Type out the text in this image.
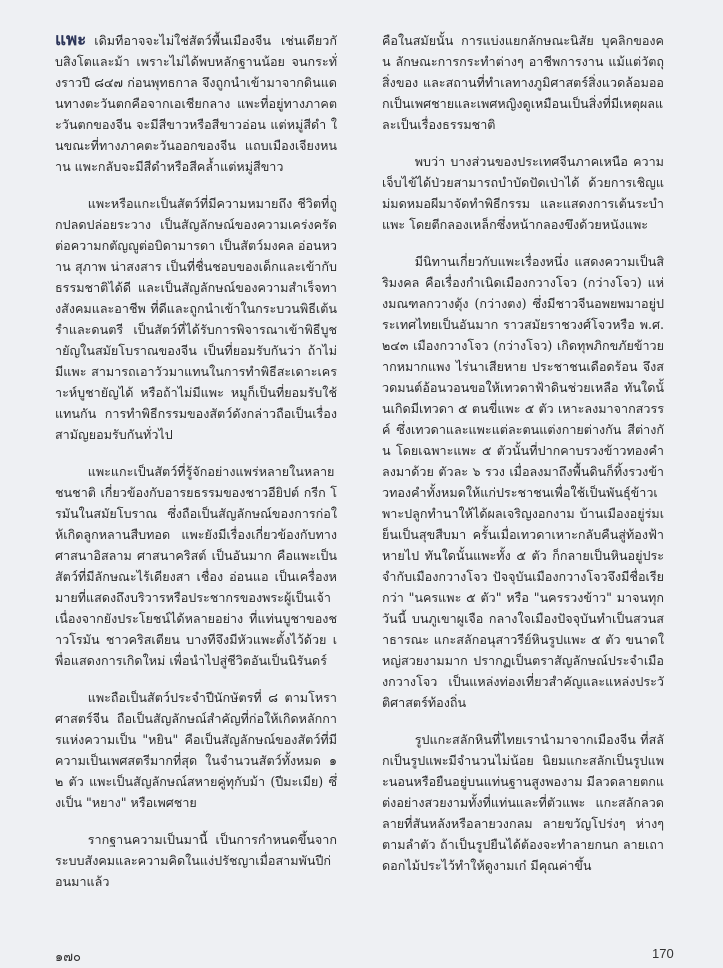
แพะ เดิมทีอาจจะไม่ใช่สัตว์พื้นเมืองจีน เช่นเดียวกับสิงโตและม้า เพราะไม่ได้พบหลักฐานน้อย จนกระทั่งราวปี ๘๔๗ ก่อนพุทธกาล จึงถูกนำเข้ามาจากดินแดนทางตะวันตกคือจากเอเชียกลาง แพะที่อยู่ทางภาคตะวันตกของจีน จะมีสีขาวหรือสีขาวอ่อน แต่หมู่สีดำ ในขณะที่ทางภาคตะวันออกของจีน แถบเมืองเจียงหนาน แพะกลับจะมีสีดำหรือสีคล้ำแต่หมู่สีขาว

แพะหรือแกะเป็นสัตว์ที่มีความหมายถึง ชีวิตที่ถูกปลดปล่อยระวาง เป็นสัญลักษณ์ของความเคร่งครัดต่อความกตัญญูต่อบิดามารดา เป็นสัตว์มงคล อ่อนหวาน สุภาพ น่าสงสาร เป็นที่ชื่นชอบของเด็กและเข้ากับธรรมชาติได้ดี และเป็นสัญลักษณ์ของความสำเร็จทางสังคมและอาชีพ ที่ดีและถูกนำเข้าในกระบวนพิธีเต้นรำและดนตรี เป็นสัตว์ที่ได้รับการพิจารณาเข้าพิธีบูชายัญในสมัยโบราณของจีน เป็นที่ยอมรับกันว่า ถ้าไม่มีแพะ สามารถเอาวัวมาแทนในการทำพิธีสะเดาะเคราะห์บูชายัญได้ หรือถ้าไม่มีแพะ หมูก็เป็นที่ยอมรับใช้แทนกัน การทำพิธีกรรมของสัตว์ดังกล่าวถือเป็นเรื่องสามัญยอมรับกันทั่วไป

แพะแกะเป็นสัตว์ที่รู้จักอย่างแพร่หลายในหลายชนชาติ เกี่ยวข้องกับอารยธรรมของชาวอียิปต์ กรีก โรมันในสมัยโบราณ ซึ่งถือเป็นสัญลักษณ์ของการก่อให้เกิดลูกหลานสืบทอด แพะยังมีเรื่องเกี่ยวข้องกับทางศาสนาอิสลาม ศาสนาคริสต์ เป็นอันมาก คือแพะเป็นสัตว์ที่มีลักษณะไร้เดียงสา เชื่อง อ่อนแอ เป็นเครื่องหมายที่แสดงถึงบริวารหรือประชากรของพระผู้เป็นเจ้า เนื่องจากยังประโยชน์ได้หลายอย่าง ที่แท่นบูชาของชาวโรมัน ชาวคริสเตียน บางทีจึงมีหัวแพะตั้งไว้ด้วย เพื่อแสดงการเกิดใหม่ เพื่อนำไปสู่ชีวิตอันเป็นนิรันดร์

แพะถือเป็นสัตว์ประจำปีนักษัตรที่ ๘ ตามโหราศาสตร์จีน ถือเป็นสัญลักษณ์สำคัญที่ก่อให้เกิดหลักการแห่งความเป็น "หยิน" คือเป็นสัญลักษณ์ของสัตว์ที่มีความเป็นเพศสตรีมากที่สุด ในจำนวนสัตว์ทั้งหมด ๑๒ ตัว แพะเป็นสัญลักษณ์สหายคู่ทุกับม้า (ปีมะเมีย) ซึ่งเป็น "หยาง" หรือเพศชาย

รากฐานความเป็นมานี้ เป็นการกำหนดขึ้นจากระบบสังคมและความคิดในแง่ปรัชญาเมื่อสามพันปีก่อนมาแล้ว

คือในสมัยนั้น การแบ่งแยกลักษณะนิสัย บุคลิกของคน ลักษณะการกระทำต่างๆ อาชีพการงาน แม้แต่วัตถุสิ่งของ และสถานที่ทำเลทางภูมิศาสตร์สิ่งแวดล้อมออกเป็นเพศชายและเพศหญิงดูเหมือนเป็นสิ่งที่มีเหตุผลและเป็นเรื่องธรรมชาติ

พบว่า บางส่วนของประเทศจีนภาคเหนือ ความเจ็บไข้ได้ป่วยสามารถบำบัดปัดเป่าได้ ด้วยการเชิญแม่มดหมอผีมาจัดทำพิธีกรรม และแสดงการเต้นระบำแพะ โดยตีกลองเหล็กซึ่งหน้ากลองขึงด้วยหนังแพะ

มีนิทานเกี่ยวกับแพะเรื่องหนึ่ง แสดงความเป็นสิริมงคล คือเรื่องกำเนิดเมืองกวางโจว (กว่างโจว) แห่งมณฑลกวางตุ้ง (กว่างตง) ซึ่งมีชาวจีนอพยพมาอยู่ประเทศไทยเป็นอันมาก ราวสมัยราชวงศ์โจวหรือ พ.ศ. ๒๔๓ เมืองกวางโจว (กว่างโจว) เกิดทุพภิกขภัยข้าวยากหมากแพง ไร่นาเสียหาย ประชาชนเดือดร้อน จึงสวดมนต์อ้อนวอนขอให้เทวดาฟ้าดินช่วยเหลือ ทันใดนั้นเกิดมีเทวดา ๕ ตนขี่แพะ ๕ ตัว เหาะลงมาจากสวรรค์ ซึ่งเทวดาและแพะแต่ละตนแต่งกายต่างกัน สีต่างกัน โดยเฉพาะแพะ ๕ ตัวนั้นที่ปากคาบรวงข้าวทองคำลงมาด้วย ตัวละ ๖ รวง เมื่อลงมาถึงพื้นดินก็ทิ้งรวงข้าวทองคำทั้งหมดให้แก่ประชาชนเพื่อใช้เป็นพันธุ์ข้าวเพาะปลูกทำนาให้ได้ผลเจริญงอกงาม บ้านเมืองอยู่ร่มเย็นเป็นสุขสืบมา ครั้นเมื่อเทวดาเหาะกลับคืนสู่ท้องฟ้าหายไป ทันใดนั้นแพะทั้ง ๕ ตัว ก็กลายเป็นหินอยู่ประจำกับเมืองกวางโจว ปัจจุบันเมืองกวางโจวจึงมีชื่อเรียกว่า "นครแพะ ๕ ตัว" หรือ "นครรวงข้าว" มาจนทุกวันนี้ บนภูเขาผูเจือ กลางใจเมืองปัจจุบันทำเป็นสวนสาธารณะ แกะสลักอนุสาวรีย์หินรูปแพะ ๕ ตัว ขนาดใหญ่สวยงามมาก ปรากฏเป็นตราสัญลักษณ์ประจำเมืองกวางโจว เป็นแหล่งท่องเที่ยวสำคัญและแหล่งประวัติศาสตร์ท้องถิ่น

รูปแกะสลักหินที่ไทยเรานำมาจากเมืองจีน ที่สลักเป็นรูปแพะมีจำนวนไม่น้อย นิยมแกะสลักเป็นรูปแพะนอนหรือยืนอยู่บนแท่นฐานสูงพองาม มีลวดลายตกแต่งอย่างสวยงามทั้งที่แท่นและที่ตัวแพะ แกะสลักลวดลายที่สันหลังหรือลายวงกลม ลายขวัญโปร่งๆ ห่างๆ ตามลำตัว ถ้าเป็นรูปยืนได้ต้องจะทำลายกนก ลายเถาดอกไม้ประไว้ทำให้ดูงามเก๋ มีคุณค่าขึ้น

๑๗๐	170
